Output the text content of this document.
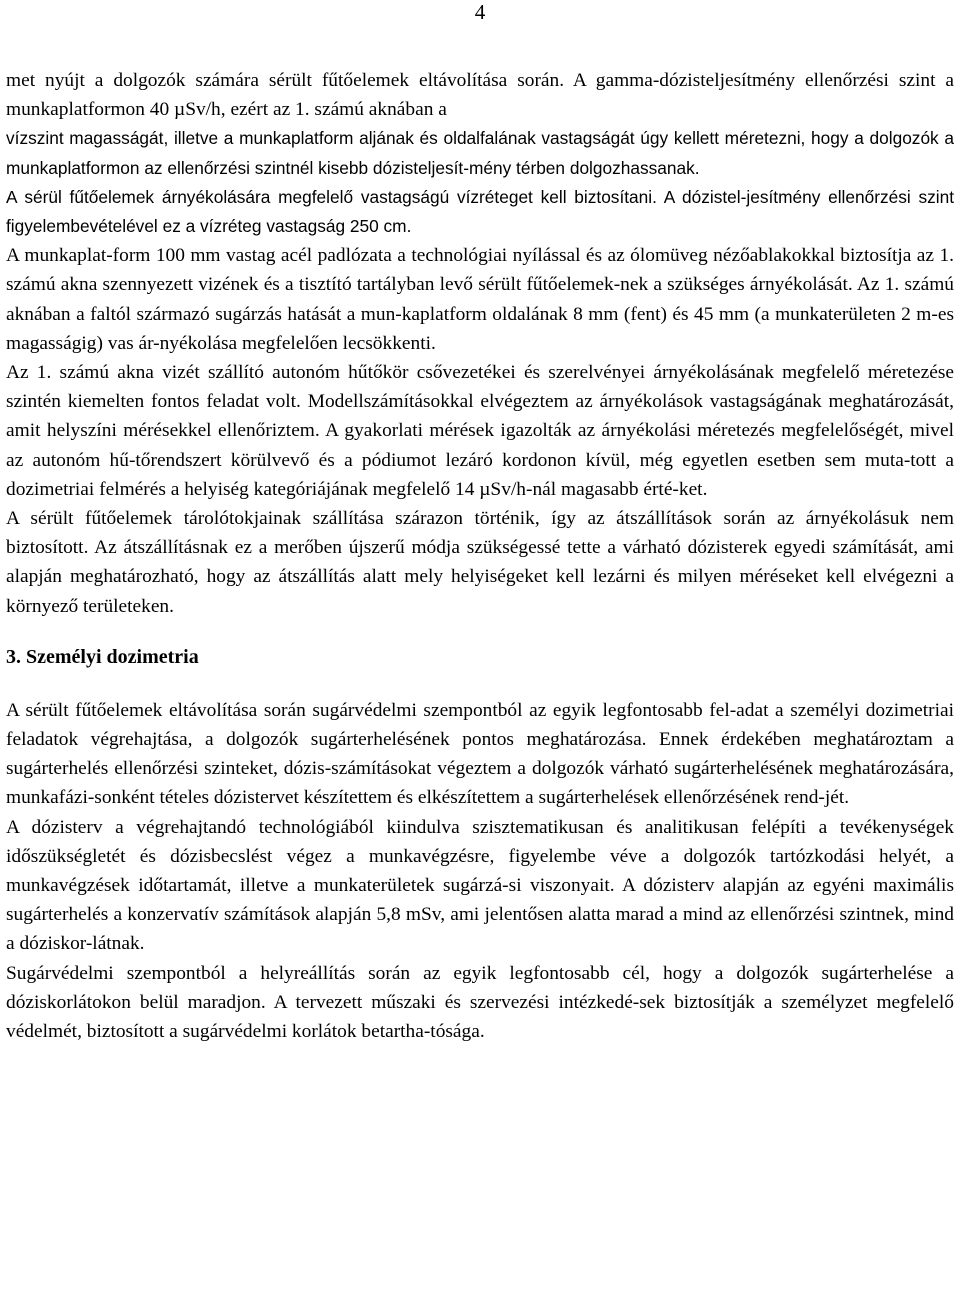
4

met nyújt a dolgozók számára sérült fűtőelemek eltávolítása során. A gamma-dózisteljesítmény ellenőrzési szint a munkaplatformon 40 µSv/h, ezért az 1. számú aknában a

vízszint magasságát, illetve a munkaplatform aljának és oldalfalának vastagságát úgy kellett méretezni, hogy a dolgozók a munkaplatformon az ellenőrzési szintnél kisebb dózisteljesít-mény térben dolgozhassanak.

A sérül fűtőelemek árnyékolására megfelelő vastagságú vízréteget kell biztosítani. A dózistel-jesítmény ellenőrzési szint figyelembevételével ez a vízréteg vastagság 250 cm.

A munkaplat-form 100 mm vastag acél padlózata a technológiai nyílással és az ólomüveg nézőablakokkal biztosítja az 1. számú akna szennyezett vizének és a tisztító tartályban levő sérült fűtőelemek-nek a szükséges árnyékolását. Az 1. számú aknában a faltól származó sugárzás hatását a mun-kaplatform oldalának 8 mm (fent) és 45 mm (a munkaterületen 2 m-es magasságig) vas ár-nyékolása megfelelően lecsökkenti.

Az 1. számú akna vizét szállító autonóm hűtőkör csővezetékei és szerelvényei árnyékolásának megfelelő méretezése szintén kiemelten fontos feladat volt. Modellszámításokkal elvégeztem az árnyékolások vastagságának meghatározását, amit helyszíni mérésekkel ellenőriztem. A gyakorlati mérések igazolták az árnyékolási méretezés megfelelőségét, mivel az autonóm hű-tőrendszert körülvevő és a pódiumot lezáró kordonon kívül, még egyetlen esetben sem muta-tott a dozimetriai felmérés a helyiség kategóriájának megfelelő 14 µSv/h-nál magasabb érté-ket.

A sérült fűtőelemek tárolótokjainak szállítása szárazon történik, így az átszállítások során az árnyékolásuk nem biztosított. Az átszállításnak ez a merőben újszerű módja szükségessé tette a várható dózisterek egyedi számítását, ami alapján meghatározható, hogy az átszállítás alatt mely helyiségeket kell lezárni és milyen méréseket kell elvégezni a környező területeken.

3. Személyi dozimetria

A sérült fűtőelemek eltávolítása során sugárvédelmi szempontból az egyik legfontosabb fel-adat a személyi dozimetriai feladatok végrehajtása, a dolgozók sugárterhelésének pontos meghatározása. Ennek érdekében meghatároztam a sugárterhelés ellenőrzési szinteket, dózis-számításokat végeztem a dolgozók várható sugárterhelésének meghatározására, munkafázi-sonként tételes dózistervet készítettem és elkészítettem a sugárterhelések ellenőrzésének rend-jét.

A dózisterv a végrehajtandó technológiából kiindulva szisztematikusan és analitikusan felépíti a tevékenységek időszükségletét és dózisbecslést végez a munkavégzésre, figyelembe véve a dolgozók tartózkodási helyét, a munkavégzések időtartamát, illetve a munkaterületek sugárzá-si viszonyait. A dózisterv alapján az egyéni maximális sugárterhelés a konzervatív számítások alapján 5,8 mSv, ami jelentősen alatta marad a mind az ellenőrzési szintnek, mind a dóziskor-látnak.

Sugárvédelmi szempontból a helyreállítás során az egyik legfontosabb cél, hogy a dolgozók sugárterhelése a dóziskorlátokon belül maradjon. A tervezett műszaki és szervezési intézkedé-sek biztosítják a személyzet megfelelő védelmét, biztosított a sugárvédelmi korlátok betartha-tósága.
